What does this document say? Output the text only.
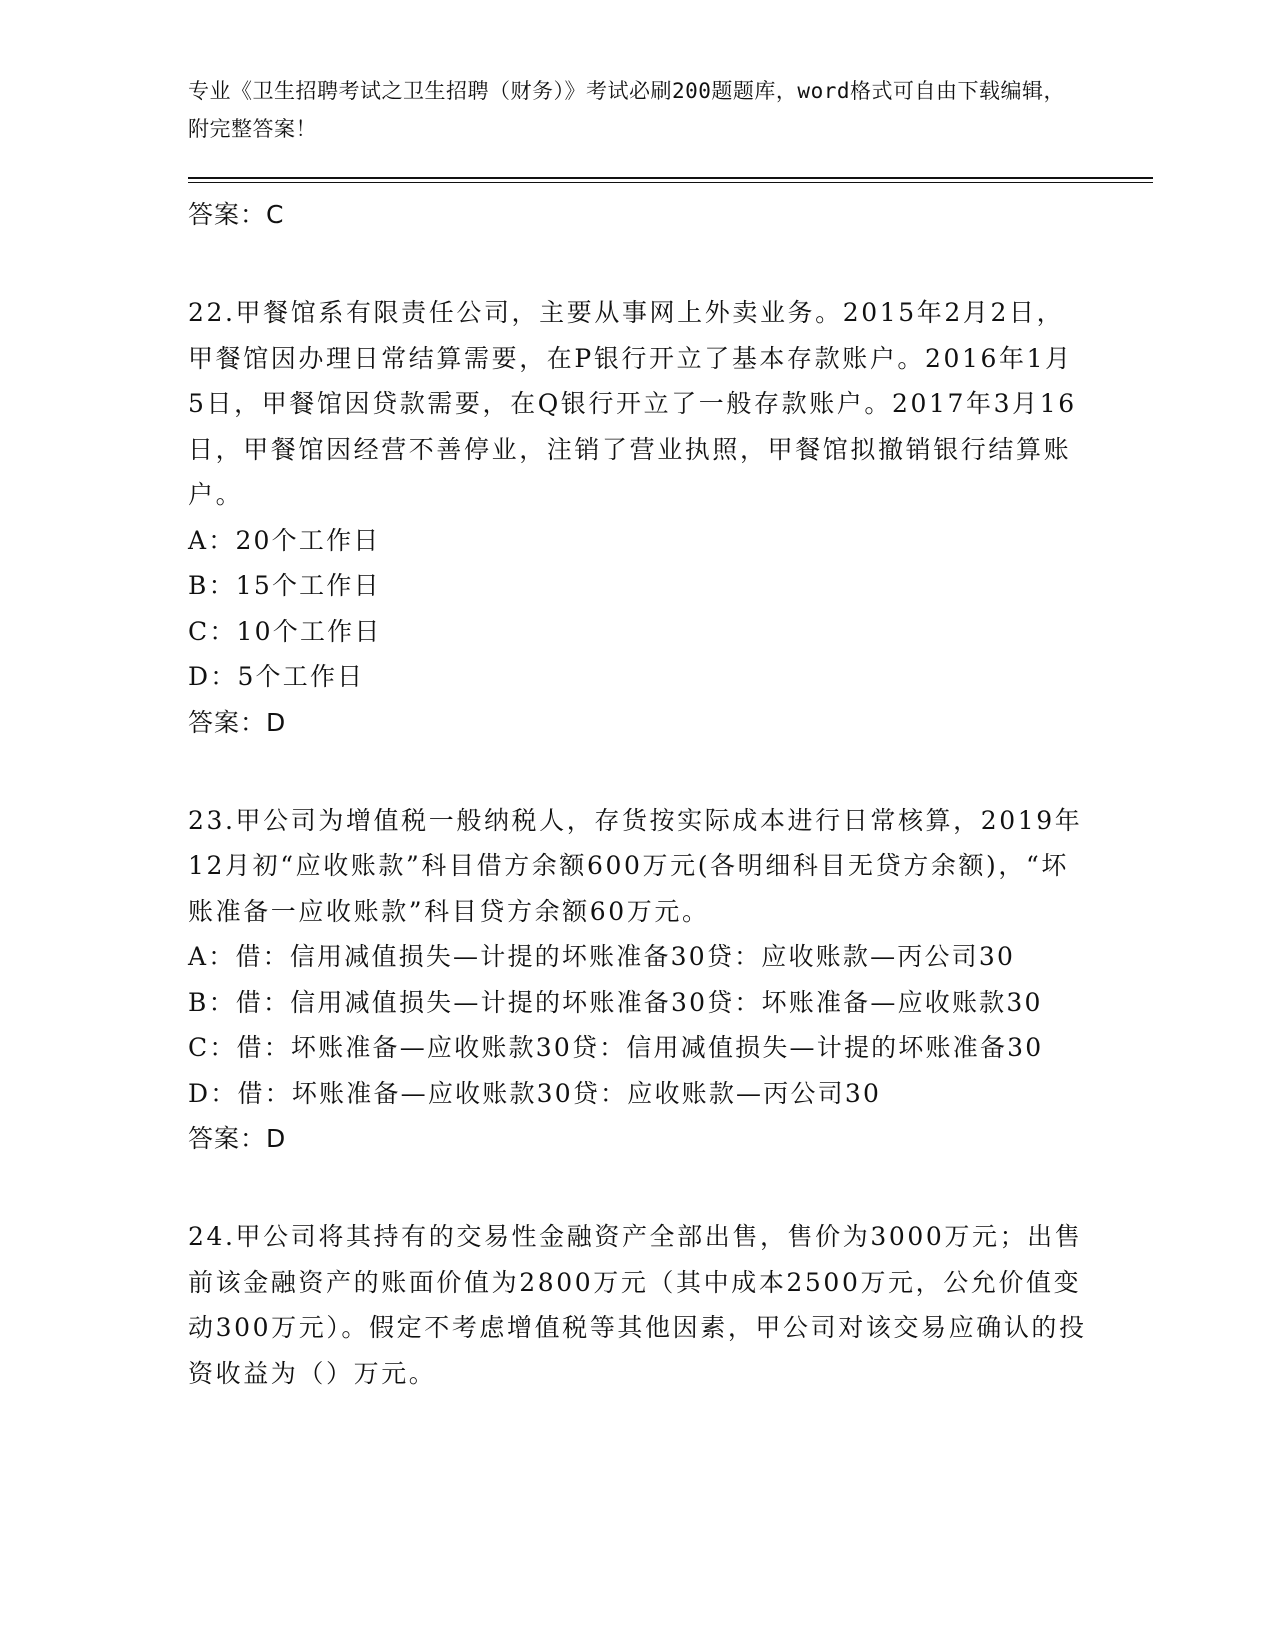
专业《卫生招聘考试之卫生招聘（财务）》考试必刷200题题库，word格式可自由下载编辑，附完整答案！

答案：C

22.甲餐馆系有限责任公司，主要从事网上外卖业务。2015年2月2日，甲餐馆因办理日常结算需要，在P银行开立了基本存款账户。2016年1月5日，甲餐馆因贷款需要，在Q银行开立了一般存款账户。2017年3月16日，甲餐馆因经营不善停业，注销了营业执照，甲餐馆拟撤销银行结算账户。

A：20个工作日

B：15个工作日

C：10个工作日

D：5个工作日

答案：D

23.甲公司为增值税一般纳税人，存货按实际成本进行日常核算，2019年12月初“应收账款”科目借方余额600万元(各明细科目无贷方余额)，“坏账准备一应收账款”科目贷方余额60万元。

A：借：信用减值损失—计提的坏账准备30贷：应收账款—丙公司30

B：借：信用减值损失—计提的坏账准备30贷：坏账准备—应收账款30

C：借：坏账准备—应收账款30贷：信用减值损失—计提的坏账准备30

D：借：坏账准备—应收账款30贷：应收账款—丙公司30

答案：D

24.甲公司将其持有的交易性金融资产全部出售，售价为3000万元；出售前该金融资产的账面价值为2800万元（其中成本2500万元，公允价值变动300万元）。假定不考虑增值税等其他因素，甲公司对该交易应确认的投资收益为（）万元。
